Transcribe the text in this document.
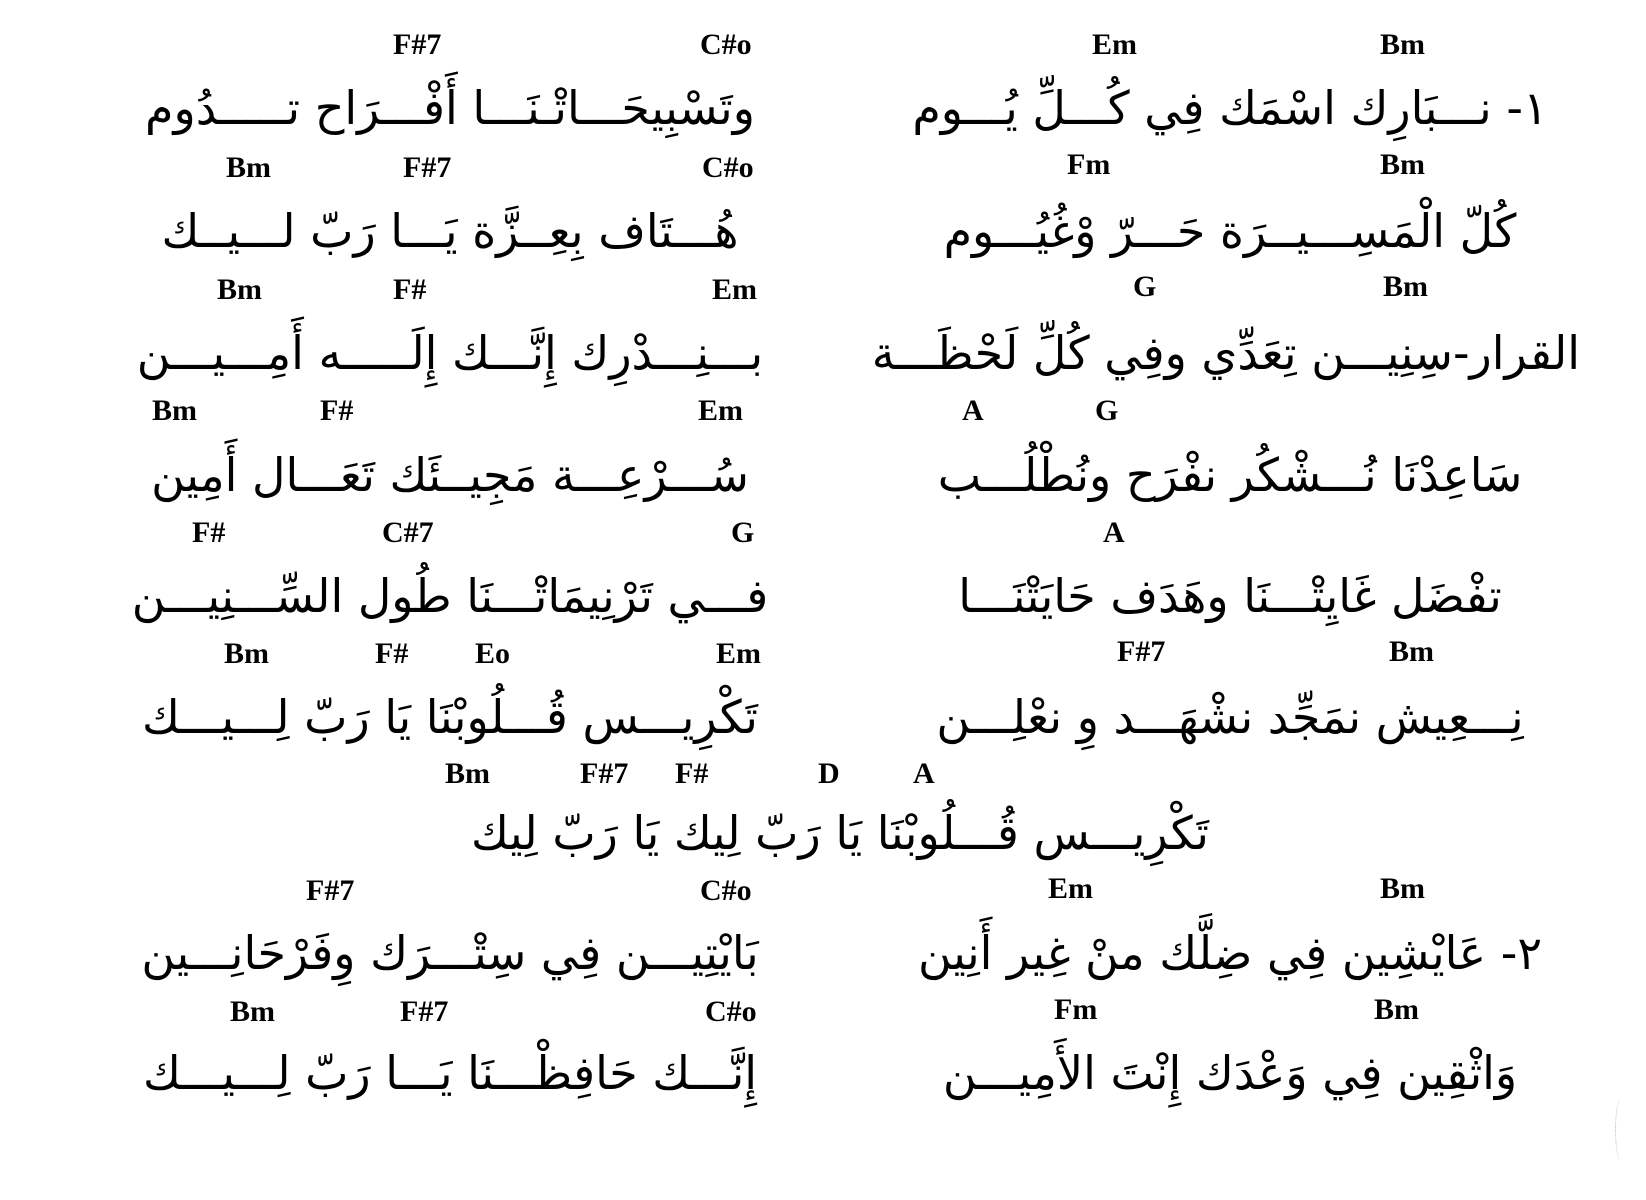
F#7	C#o	Em	Bm
وتَسْبِيحَـــاتْـنَـــا أَفْـــرَاح تـــــدُوم	١- نـــبَارِك اسْمَك فِي كُـــلِّ يُـــوم
Bm	F#7	C#o	Fm	Bm
هُـــتَاف بِعِــزَّة يَـــا رَبّ لـــيــك	كُلّ الْمَسِـــيــرَة حَـــرّ وْغُيُـــوم
Bm	F#	Em	G	Bm
بـــنِـــدْرِك إِنَّـــك إِلَـــــه أَمِـــيـــن	القرار-سِنِيـــن تِعَدِّي وفِي كُلِّ لَحْظَـــة
Bm	F#	Em	A	G
سُـــرْعِـــة مَجِيــئَك تَعَـــال أَمِين	سَاعِدْنَا نُـــشْكُر نفْرَح ونُطْلُـــب
F#	C#7	G	A
فـــي تَرْنِيمَاتْـــنَا طُول السِّـــنِيـــن	تفْضَل غَايِتْـــنَا وهَدَف حَايَتْنَـــا
Bm	F# Eo	Em	F#7	Bm
تَكْرِيـــس قُـــلُوبْنَا يَا رَبّ لِـــيـــك	نِـــعِيش نمَجِّد نشْهَـــد وِ نعْلِـــن
Bm	F#7 F#	D A
تَكْرِيـــس قُـــلُوبْنَا يَا رَبّ لِيك يَا رَبّ لِيك
F#7	C#o	Em	Bm
بَايْتِيـــن فِي سِتْـــرَك وِفَرْحَانِـــين	٢- عَايْشِين فِي ضِلَّك منْ غِير أَنِين
Bm	F#7	C#o	Fm	Bm
إِنَّـــك حَافِظْـــنَا يَـــا رَبّ لِـــيـــك	وَاثْقِين فِي وَعْدَك إِنْتَ الأَمِيـــن
